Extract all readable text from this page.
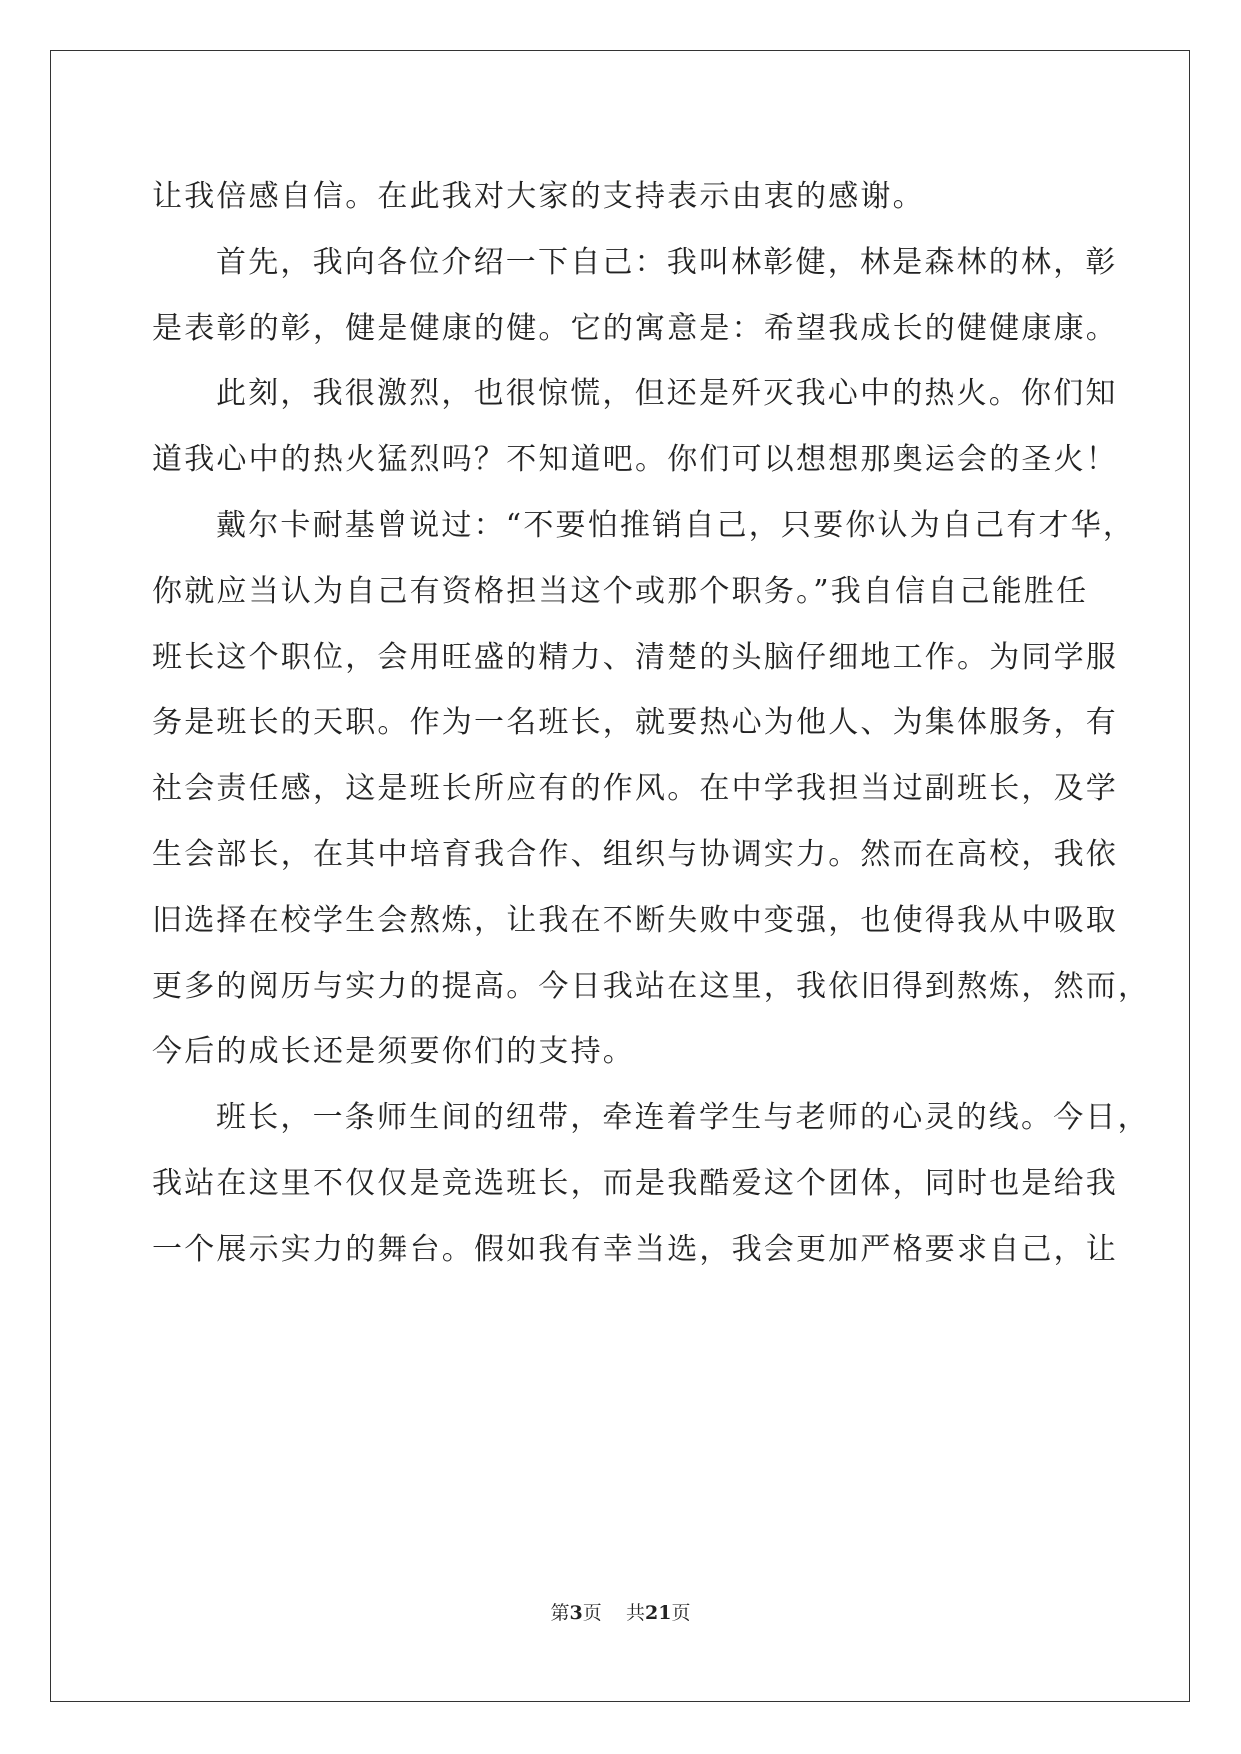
让我倍感自信。在此我对大家的支持表示由衷的感谢。
首先，我向各位介绍一下自己：我叫林彰健，林是森林的林，彰
是表彰的彰，健是健康的健。它的寓意是：希望我成长的健健康康。
此刻，我很激烈，也很惊慌，但还是歼灭我心中的热火。你们知
道我心中的热火猛烈吗？不知道吧。你们可以想想那奥运会的圣火！
戴尔卡耐基曾说过：“不要怕推销自己，只要你认为自己有才华，
你就应当认为自己有资格担当这个或那个职务。”我自信自己能胜任
班长这个职位，会用旺盛的精力、清楚的头脑仔细地工作。为同学服
务是班长的天职。作为一名班长，就要热心为他人、为集体服务，有
社会责任感，这是班长所应有的作风。在中学我担当过副班长，及学
生会部长，在其中培育我合作、组织与协调实力。然而在高校，我依
旧选择在校学生会熬炼，让我在不断失败中变强，也使得我从中吸取
更多的阅历与实力的提高。今日我站在这里，我依旧得到熬炼，然而，
今后的成长还是须要你们的支持。
班长，一条师生间的纽带，牵连着学生与老师的心灵的线。今日，
我站在这里不仅仅是竞选班长，而是我酷爱这个团体，同时也是给我
一个展示实力的舞台。假如我有幸当选，我会更加严格要求自己，让
第3页 共21页
